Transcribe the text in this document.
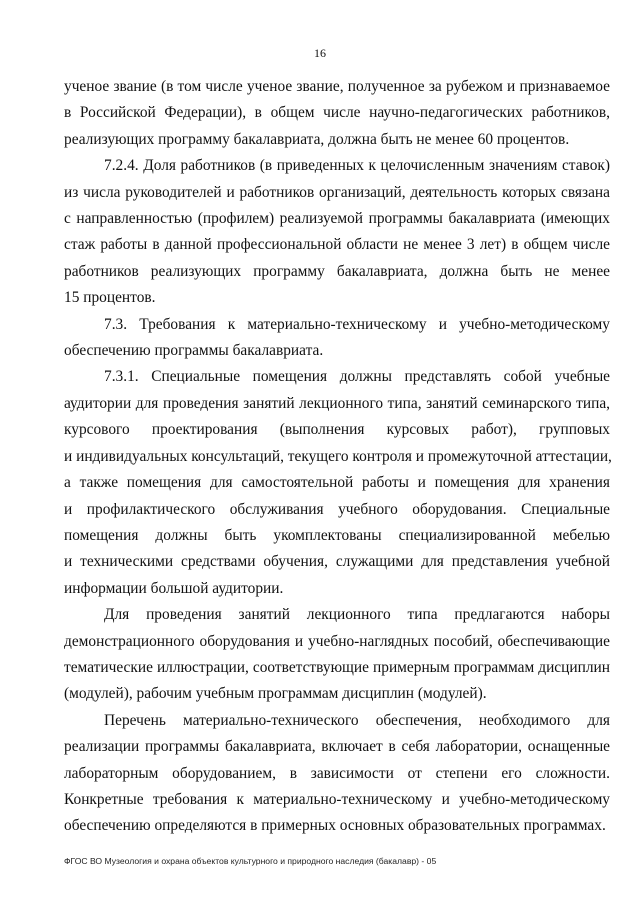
16
ученое звание (в том числе ученое звание, полученное за рубежом и признаваемое
в Российской Федерации), в общем числе научно-педагогических работников,
реализующих программу бакалавриата, должна быть не менее 60 процентов.
7.2.4. Доля работников (в приведенных к целочисленным значениям ставок)
из числа руководителей и работников организаций, деятельность которых связана
с направленностью (профилем) реализуемой программы бакалавриата (имеющих
стаж работы в данной профессиональной области не менее 3 лет) в общем числе
работников реализующих программу бакалавриата, должна быть не менее
15 процентов.
7.3. Требования к материально-техническому и учебно-методическому
обеспечению программы бакалавриата.
7.3.1. Специальные помещения должны представлять собой учебные
аудитории для проведения занятий лекционного типа, занятий семинарского типа,
курсового проектирования (выполнения курсовых работ), групповых
и индивидуальных консультаций, текущего контроля и промежуточной аттестации,
а также помещения для самостоятельной работы и помещения для хранения
и профилактического обслуживания учебного оборудования. Специальные
помещения должны быть укомплектованы специализированной мебелью
и техническими средствами обучения, служащими для представления учебной
информации большой аудитории.
Для проведения занятий лекционного типа предлагаются наборы
демонстрационного оборудования и учебно-наглядных пособий, обеспечивающие
тематические иллюстрации, соответствующие примерным программам дисциплин
(модулей), рабочим учебным программам дисциплин (модулей).
Перечень материально-технического обеспечения, необходимого для
реализации программы бакалавриата, включает в себя лаборатории, оснащенные
лабораторным оборудованием, в зависимости от степени его сложности.
Конкретные требования к материально-техническому и учебно-методическому
обеспечению определяются в примерных основных образовательных программах.
ФГОС ВО Музеология и охрана объектов культурного и природного наследия (бакалавр) - 05
